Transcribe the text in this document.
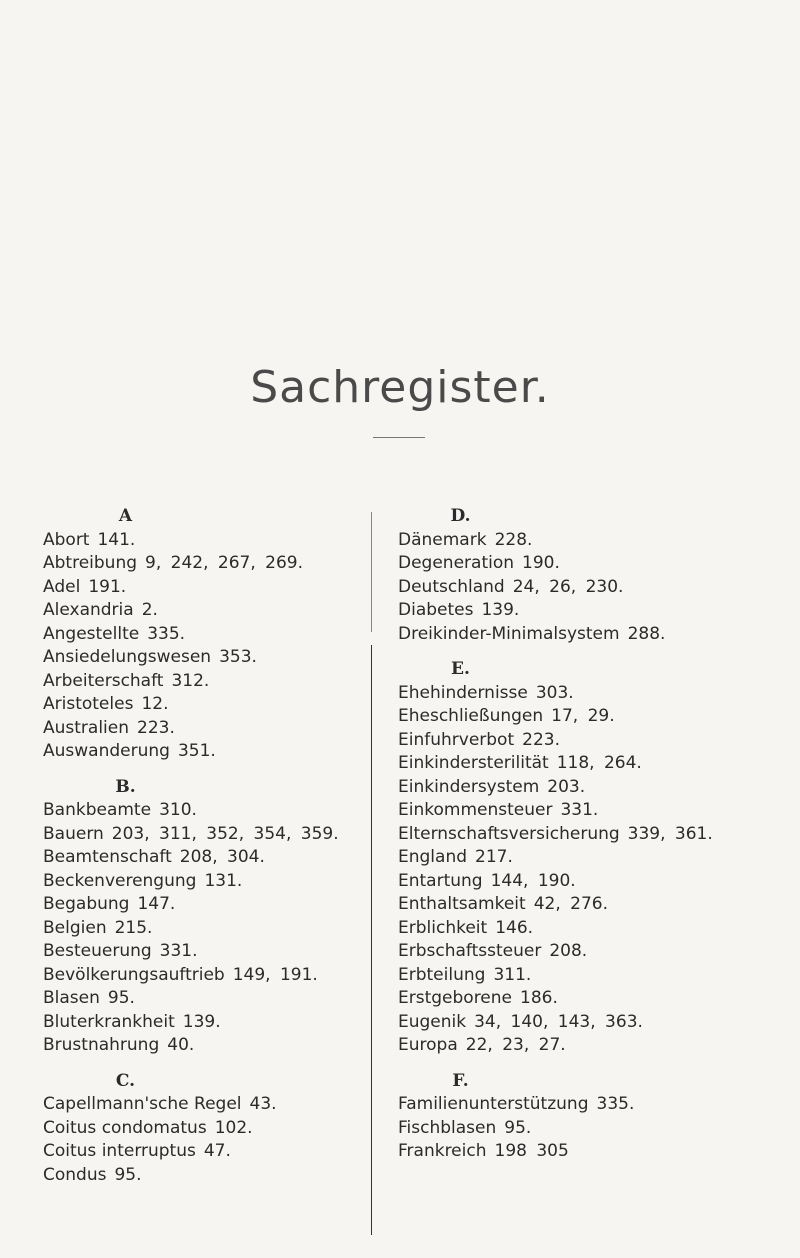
Sachregister.
A
Abort 141.
Abtreibung 9, 242, 267, 269.
Adel 191.
Alexandria 2.
Angestellte 335.
Ansiedelungswesen 353.
Arbeiterschaft 312.
Aristoteles 12.
Australien 223.
Auswanderung 351.
B.
Bankbeamte 310.
Bauern 203, 311, 352, 354, 359.
Beamtenschaft 208, 304.
Beckenverengung 131.
Begabung 147.
Belgien 215.
Besteuerung 331.
Bevölkerungsauftrieb 149, 191.
Blasen 95.
Bluterkrankheit 139.
Brustnahrung 40.
C.
Capellmann'sche Regel 43.
Coitus condomatus 102.
Coitus interruptus 47.
Condus 95.
D.
Dänemark 228.
Degeneration 190.
Deutschland 24, 26, 230.
Diabetes 139.
Dreikinder-Minimalsystem 288.
E.
Ehehindernisse 303.
Eheschließungen 17, 29.
Einfuhrverbot 223.
Einkindersterilität 118, 264.
Einkindersystem 203.
Einkommensteuer 331.
Elternschaftsversicherung 339, 361.
England 217.
Entartung 144, 190.
Enthaltsamkeit 42, 276.
Erblichkeit 146.
Erbschaftssteuer 208.
Erbteilung 311.
Erstgeborene 186.
Eugenik 34, 140, 143, 363.
Europa 22, 23, 27.
F.
Familienunterstützung 335.
Fischblasen 95.
Frankreich 198 305
